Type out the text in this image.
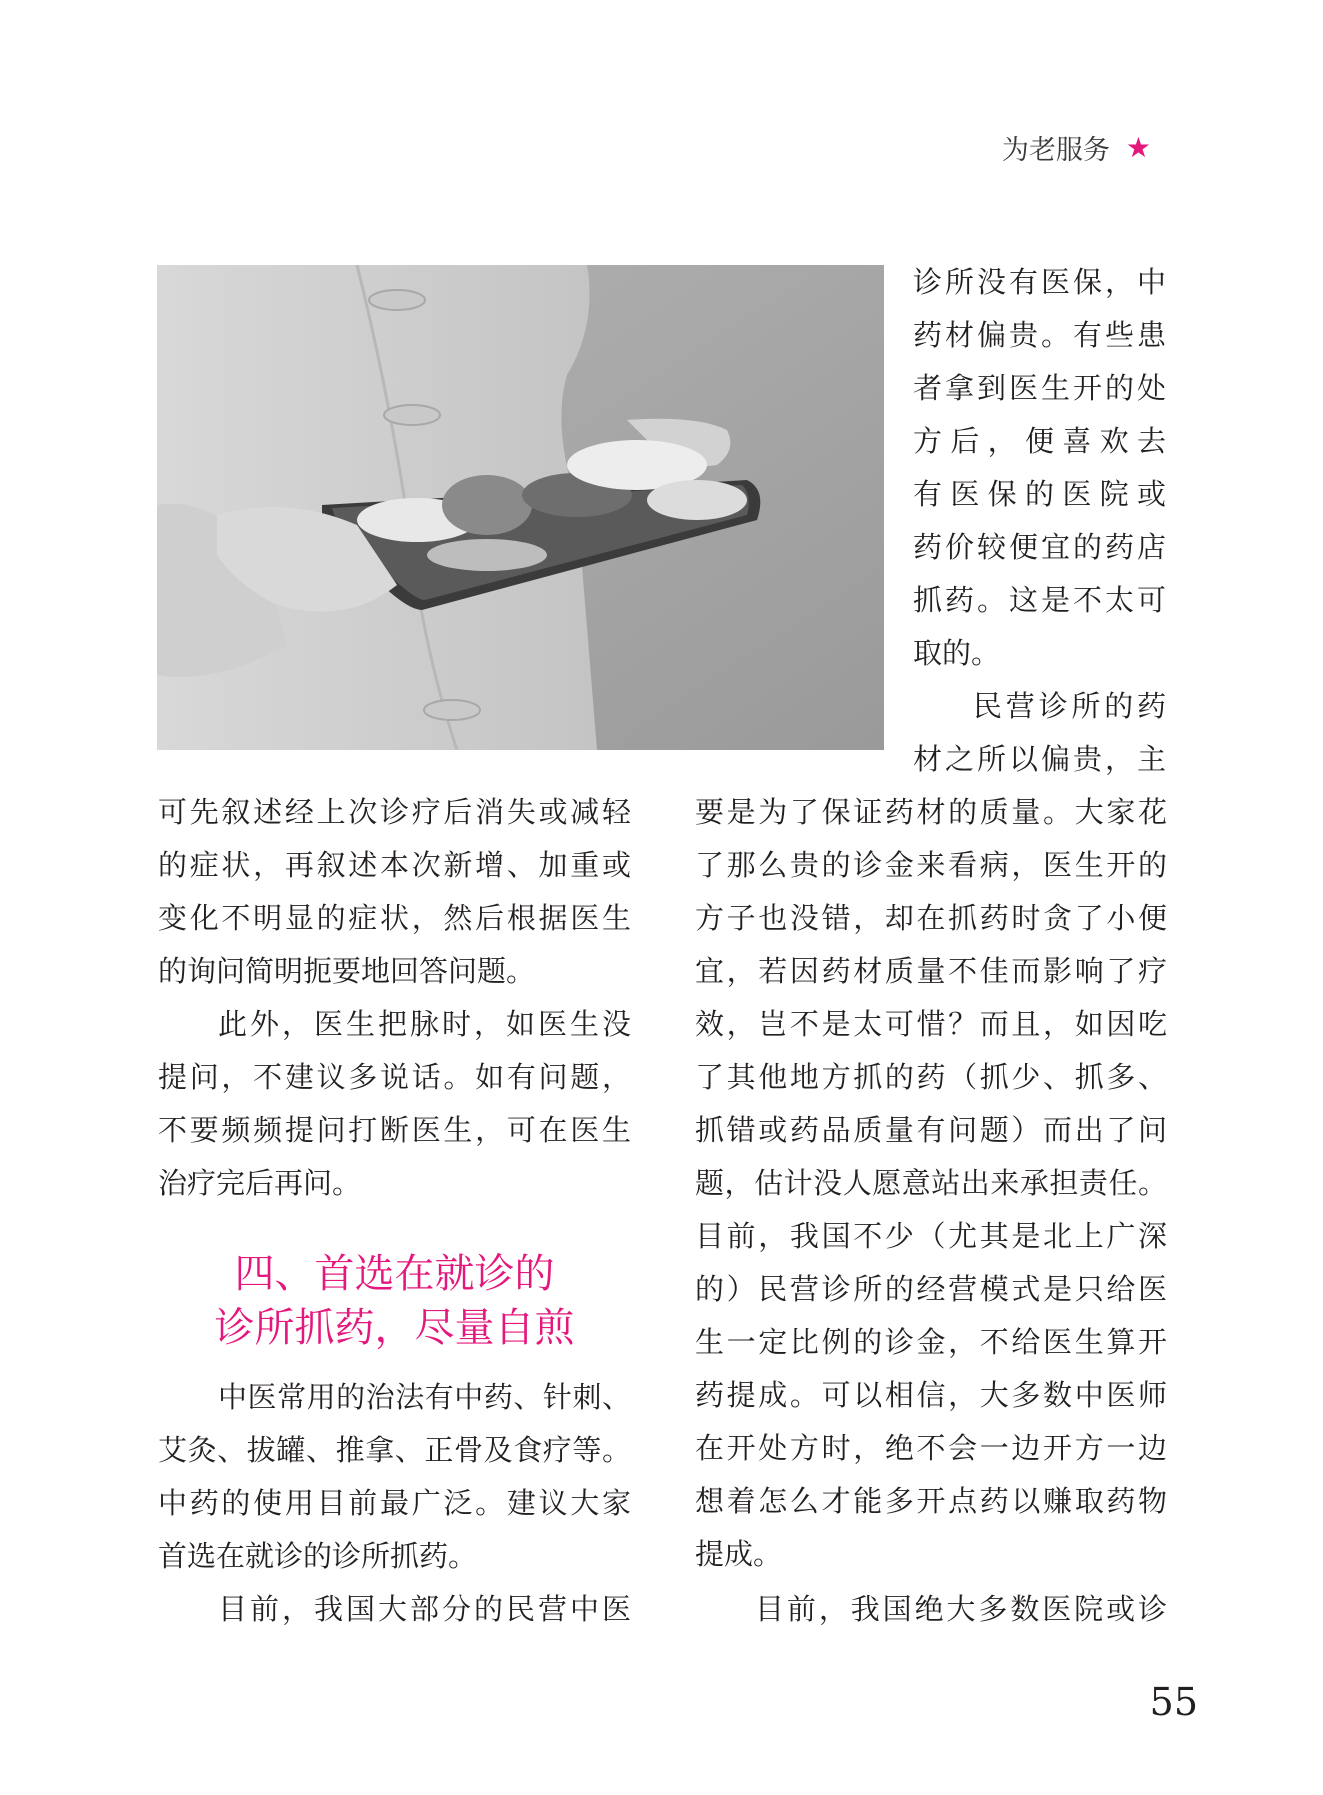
为老服务 ★
诊所没有医保，中
药材偏贵。有些患
者拿到医生开的处
方后，便喜欢去
有医保的医院或
药价较便宜的药店
抓药。这是不太可
取的。
民营诊所的药
材之所以偏贵，主
可先叙述经上次诊疗后消失或减轻
的症状，再叙述本次新增、加重或
变化不明显的症状，然后根据医生
的询问简明扼要地回答问题。
此外，医生把脉时，如医生没
提问，不建议多说话。如有问题，
不要频频提问打断医生，可在医生
治疗完后再问。
四、首选在就诊的
诊所抓药，尽量自煎
中医常用的治法有中药、针刺、
艾灸、拔罐、推拿、正骨及食疗等。
中药的使用目前最广泛。建议大家
首选在就诊的诊所抓药。
目前，我国大部分的民营中医
要是为了保证药材的质量。大家花
了那么贵的诊金来看病，医生开的
方子也没错，却在抓药时贪了小便
宜，若因药材质量不佳而影响了疗
效，岂不是太可惜？而且，如因吃
了其他地方抓的药（抓少、抓多、
抓错或药品质量有问题）而出了问
题，估计没人愿意站出来承担责任。
目前，我国不少（尤其是北上广深
的）民营诊所的经营模式是只给医
生一定比例的诊金，不给医生算开
药提成。可以相信，大多数中医师
在开处方时，绝不会一边开方一边
想着怎么才能多开点药以赚取药物
提成。
目前，我国绝大多数医院或诊
55
